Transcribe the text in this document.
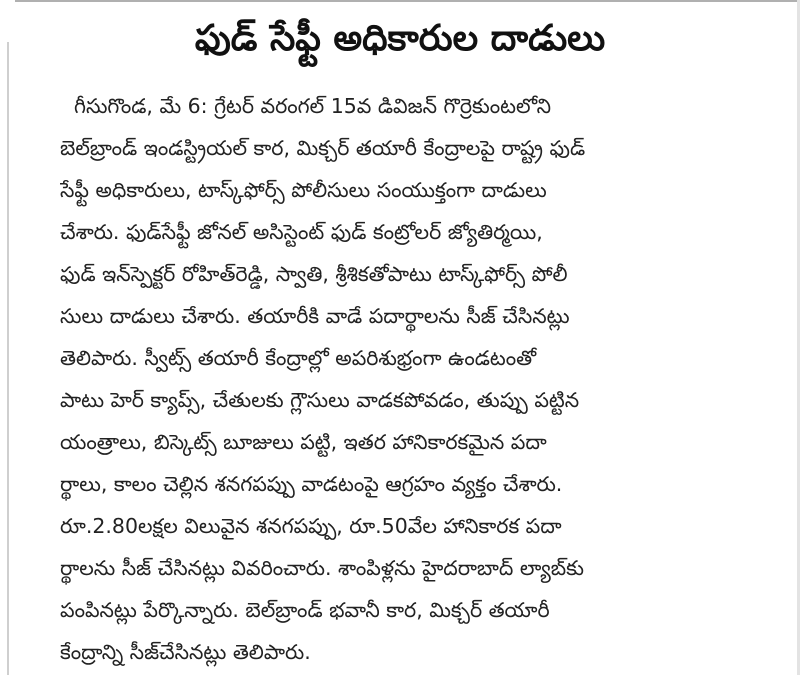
ఫుడ్ సేఫ్టీ అధికారుల దాడులు
గీసుగొండ, మే 6: గ్రేటర్ వరంగల్ 15వ డివిజన్ గొర్రెకుంటలోని
బెల్‌బ్రాండ్ ఇండస్ట్రియల్ కార, మిక్చర్ తయారీ కేంద్రాలపై రాష్ట్ర ఫుడ్
సేఫ్టీ అధికారులు, టాస్క్‌ఫోర్స్ పోలీసులు సంయుక్తంగా దాడులు
చేశారు. ఫుడ్‌సేఫ్టీ జోనల్ అసిస్టెంట్ ఫుడ్ కంట్రోలర్ జ్యోతిర్మయి,
ఫుడ్ ఇన్‌స్పెక్టర్ రోహిత్‌రెడ్డి, స్వాతి, శ్రీశికతోపాటు టాస్క్‌ఫోర్స్ పోలీ
సులు దాడులు చేశారు. తయారీకి వాడే పదార్థాలను సీజ్ చేసినట్లు
తెలిపారు. స్వీట్స్ తయారీ కేంద్రాల్లో అపరిశుభ్రంగా ఉండటంతో
పాటు హెర్ క్యాప్స్, చేతులకు గ్లౌసులు వాడకపోవడం, తుప్పు పట్టిన
యంత్రాలు, బిస్కెట్స్ బూజులు పట్టి, ఇతర హానికారకమైన పదా
ర్థాలు, కాలం చెల్లిన శనగపప్పు వాడటంపై ఆగ్రహం వ్యక్తం చేశారు.
రూ.2.80లక్షల విలువైన శనగపప్పు, రూ.50వేల హానికారక పదా
ర్థాలను సీజ్ చేసినట్లు వివరించారు. శాంపిళ్లను హైదరాబాద్ ల్యాబ్‌కు
పంపినట్లు పేర్కొన్నారు. బెల్‌బ్రాండ్ భవానీ కార, మిక్చర్ తయారీ
కేంద్రాన్ని సీజ్‌చేసినట్లు తెలిపారు.
